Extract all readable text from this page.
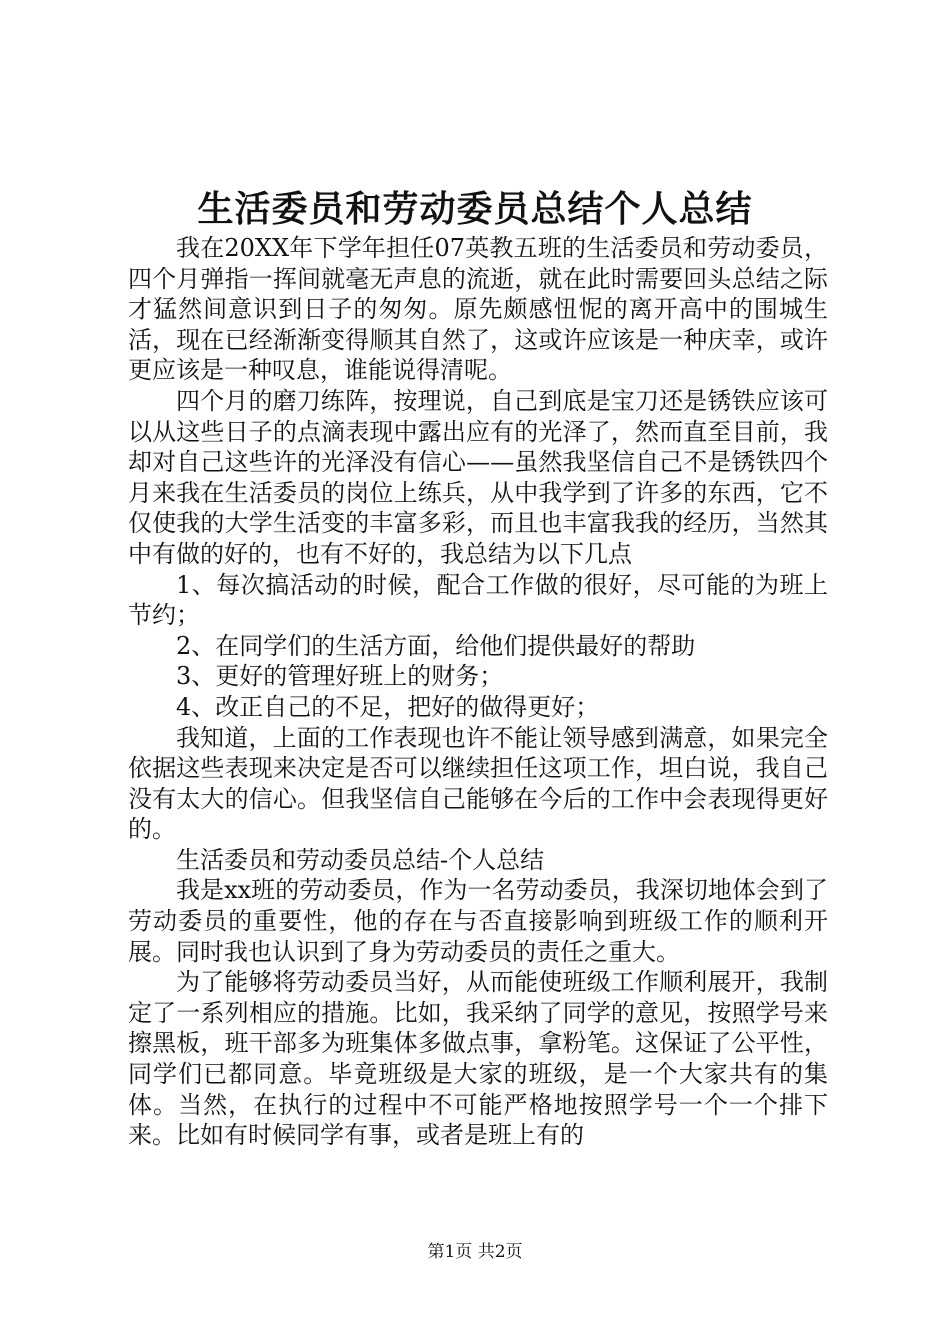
生活委员和劳动委员总结个人总结

我在20XX年下学年担任07英教五班的生活委员和劳动委员，四个月弹指一挥间就毫无声息的流逝，就在此时需要回头总结之际才猛然间意识到日子的匆匆。原先颇感忸怩的离开高中的围城生活，现在已经渐渐变得顺其自然了，这或许应该是一种庆幸，或许更应该是一种叹息，谁能说得清呢。

四个月的磨刀练阵，按理说，自己到底是宝刀还是锈铁应该可以从这些日子的点滴表现中露出应有的光泽了，然而直至目前，我却对自己这些许的光泽没有信心——虽然我坚信自己不是锈铁四个月来我在生活委员的岗位上练兵，从中我学到了许多的东西，它不仅使我的大学生活变的丰富多彩，而且也丰富我我的经历，当然其中有做的好的，也有不好的，我总结为以下几点

1、每次搞活动的时候，配合工作做的很好，尽可能的为班上节约；

2、在同学们的生活方面，给他们提供最好的帮助

3、更好的管理好班上的财务；

4、改正自己的不足，把好的做得更好；

我知道，上面的工作表现也许不能让领导感到满意，如果完全依据这些表现来决定是否可以继续担任这项工作，坦白说，我自己没有太大的信心。但我坚信自己能够在今后的工作中会表现得更好的。

生活委员和劳动委员总结-个人总结

我是xx班的劳动委员，作为一名劳动委员，我深切地体会到了劳动委员的重要性，他的存在与否直接影响到班级工作的顺利开展。同时我也认识到了身为劳动委员的责任之重大。

为了能够将劳动委员当好，从而能使班级工作顺利展开，我制定了一系列相应的措施。比如，我采纳了同学的意见，按照学号来擦黑板，班干部多为班集体多做点事，拿粉笔。这保证了公平性，同学们已都同意。毕竟班级是大家的班级，是一个大家共有的集体。当然，在执行的过程中不可能严格地按照学号一个一个排下来。比如有时候同学有事，或者是班上有的

第1页 共2页
